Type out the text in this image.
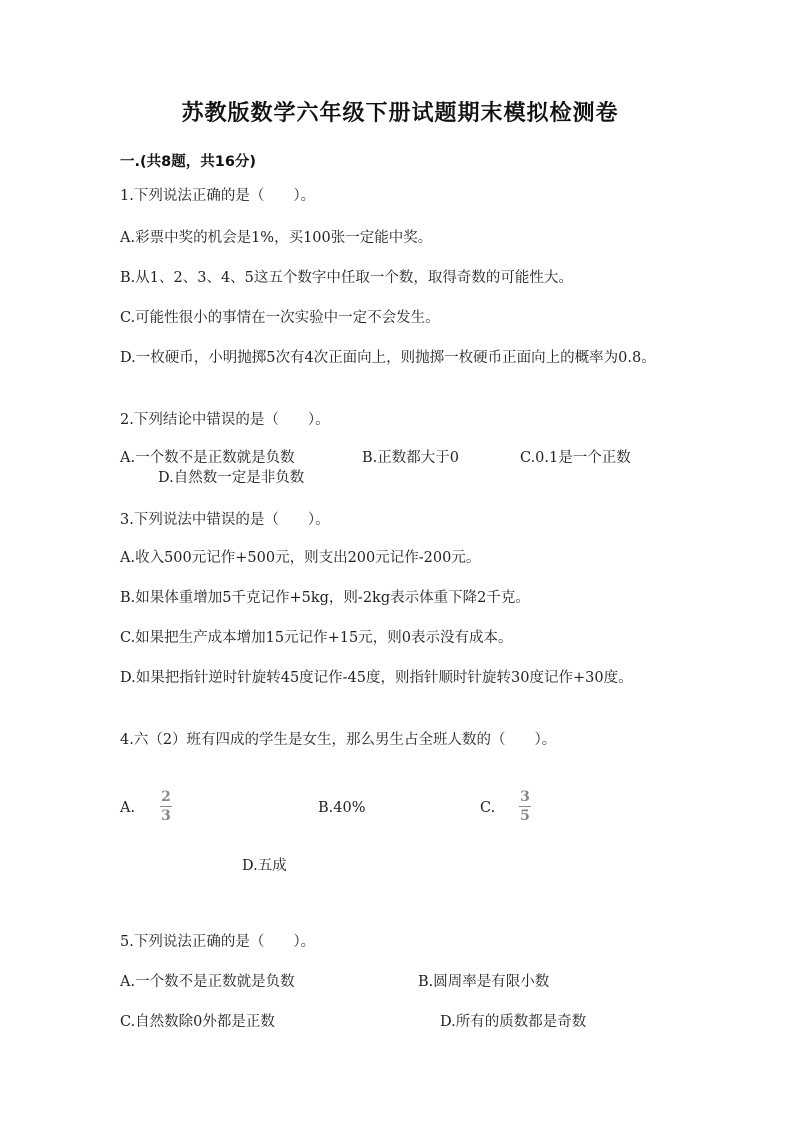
苏教版数学六年级下册试题期末模拟检测卷
一.(共8题，共16分)
1.下列说法正确的是（　　）。
A.彩票中奖的机会是1%，买100张一定能中奖。
B.从1、2、3、4、5这五个数字中任取一个数，取得奇数的可能性大。
C.可能性很小的事情在一次实验中一定不会发生。
D.一枚硬币，小明抛掷5次有4次正面向上，则抛掷一枚硬币正面向上的概率为0.8。
2.下列结论中错误的是（　　）。
A.一个数不是正数就是负数	B.正数都大于0	C.0.1是一个正数
D.自然数一定是非负数
3.下列说法中错误的是（　　）。
A.收入500元记作+500元，则支出200元记作-200元。
B.如果体重增加5千克记作+5kg，则-2kg表示体重下降2千克。
C.如果把生产成本增加15元记作+15元，则0表示没有成本。
D.如果把指针逆时针旋转45度记作-45度，则指针顺时针旋转30度记作+30度。
4.六（2）班有四成的学生是女生，那么男生占全班人数的（　　）。
A.
2
3	B.40%	C.
3
5
D.五成
5.下列说法正确的是（　　）。
A.一个数不是正数就是负数	B.圆周率是有限小数
C.自然数除0外都是正数	D.所有的质数都是奇数
